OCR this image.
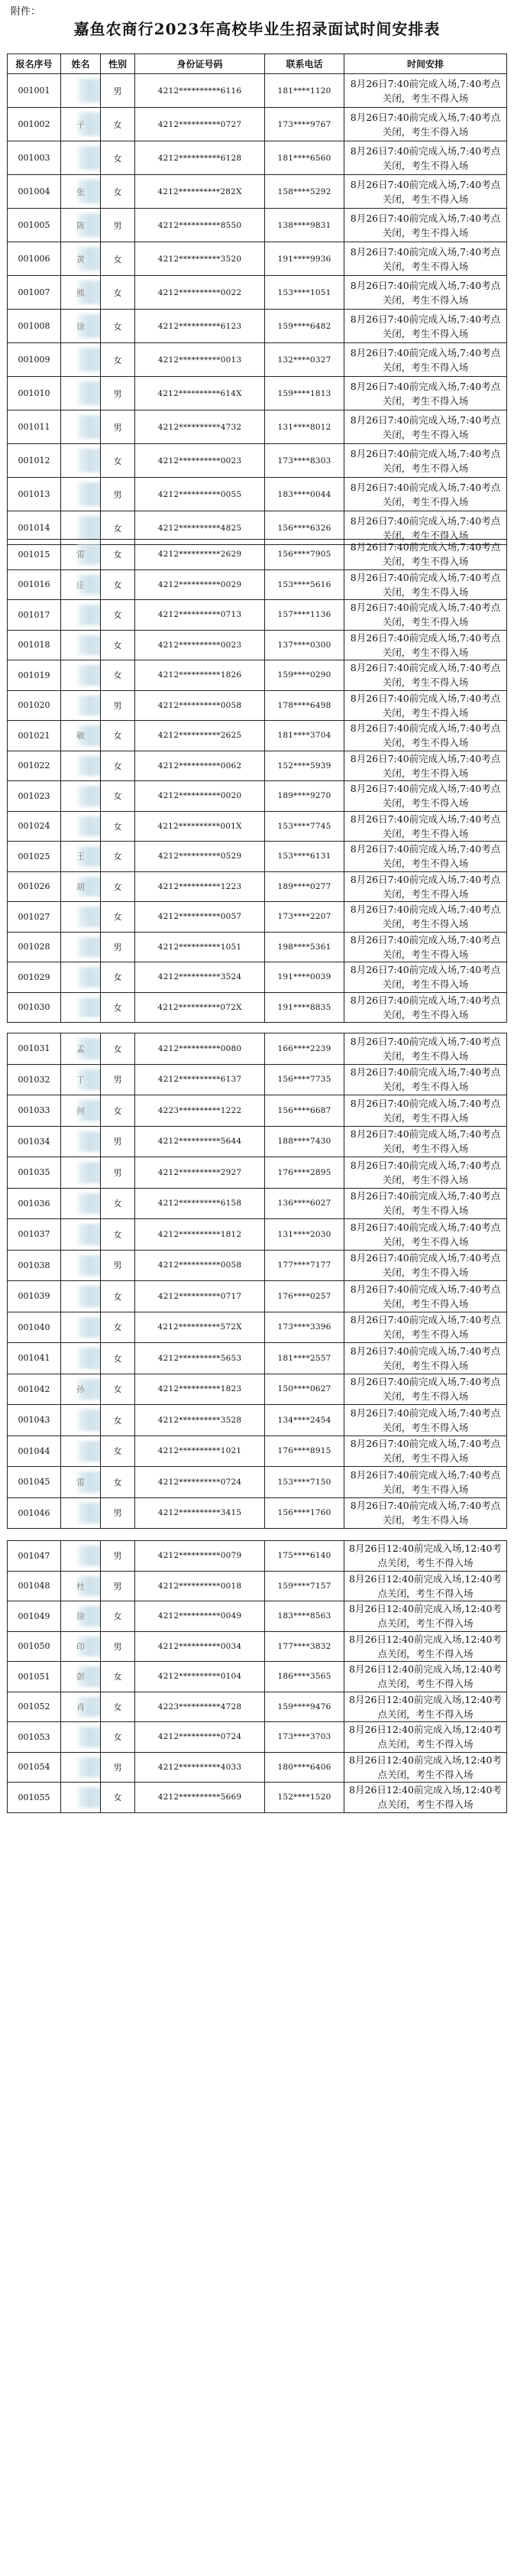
附件：
嘉鱼农商行2023年高校毕业生招录面试时间安排表
报名序号	姓名	性别	身份证号码	联系电话	时间安排
001001		男	4212**********6116	181****1120	8月26日7:40前完成入场,7:40考点关闭，考生不得入场
001002	子	女	4212**********0727	173****9767	8月26日7:40前完成入场,7:40考点关闭，考生不得入场
001003		女	4212**********6128	181****6560	8月26日7:40前完成入场,7:40考点关闭，考生不得入场
001004	张	女	4212**********282X	158****5292	8月26日7:40前完成入场,7:40考点关闭，考生不得入场
001005	陈	男	4212**********8550	138****9831	8月26日7:40前完成入场,7:40考点关闭，考生不得入场
001006	黄	女	4212**********3520	191****9936	8月26日7:40前完成入场,7:40考点关闭，考生不得入场
001007	熊	女	4212**********0022	153****1051	8月26日7:40前完成入场,7:40考点关闭，考生不得入场
001008	徐	女	4212**********6123	159****6482	8月26日7:40前完成入场,7:40考点关闭，考生不得入场
001009		女	4212**********0013	132****0327	8月26日7:40前完成入场,7:40考点关闭，考生不得入场
001010		男	4212**********614X	159****1813	8月26日7:40前完成入场,7:40考点关闭，考生不得入场
001011		男	4212**********4732	131****8012	8月26日7:40前完成入场,7:40考点关闭，考生不得入场
001012		女	4212**********0023	173****8303	8月26日7:40前完成入场,7:40考点关闭，考生不得入场
001013		男	4212**********0055	183****0044	8月26日7:40前完成入场,7:40考点关闭，考生不得入场
001014		女	4212**********4825	156****6326	8月26日7:40前完成入场,7:40考点关闭，考生不得入场
001015	雷	女	4212**********2629	156****7905	8月26日7:40前完成入场,7:40考点关闭，考生不得入场
001016	庄	女	4212**********0029	153****5616	8月26日7:40前完成入场,7:40考点关闭，考生不得入场
001017		女	4212**********0713	157****1136	8月26日7:40前完成入场,7:40考点关闭，考生不得入场
001018		女	4212**********0023	137****0300	8月26日7:40前完成入场,7:40考点关闭，考生不得入场
001019		女	4212**********1826	159****0290	8月26日7:40前完成入场,7:40考点关闭，考生不得入场
001020		男	4212**********0058	178****6498	8月26日7:40前完成入场,7:40考点关闭，考生不得入场
001021	敏	女	4212**********2625	181****3704	8月26日7:40前完成入场,7:40考点关闭，考生不得入场
001022		女	4212**********0062	152****5939	8月26日7:40前完成入场,7:40考点关闭，考生不得入场
001023		女	4212**********0020	189****9270	8月26日7:40前完成入场,7:40考点关闭，考生不得入场
001024		女	4212**********001X	153****7745	8月26日7:40前完成入场,7:40考点关闭，考生不得入场
001025	王	女	4212**********0529	153****6131	8月26日7:40前完成入场,7:40考点关闭，考生不得入场
001026	胡	女	4212**********1223	189****0277	8月26日7:40前完成入场,7:40考点关闭，考生不得入场
001027		女	4212**********0057	173****2207	8月26日7:40前完成入场,7:40考点关闭，考生不得入场
001028		男	4212**********1051	198****5361	8月26日7:40前完成入场,7:40考点关闭，考生不得入场
001029		女	4212**********3524	191****0039	8月26日7:40前完成入场,7:40考点关闭，考生不得入场
001030		女	4212**********072X	191****8835	8月26日7:40前完成入场,7:40考点关闭，考生不得入场
001031	孟	女	4212**********0080	166****2239	8月26日7:40前完成入场,7:40考点关闭，考生不得入场
001032	丁	男	4212**********6137	156****7735	8月26日7:40前完成入场,7:40考点关闭，考生不得入场
001033	何	女	4223**********1222	156****6687	8月26日7:40前完成入场,7:40考点关闭，考生不得入场
001034		男	4212**********5644	188****7430	8月26日7:40前完成入场,7:40考点关闭，考生不得入场
001035		男	4212**********2927	176****2895	8月26日7:40前完成入场,7:40考点关闭，考生不得入场
001036		女	4212**********6158	136****6027	8月26日7:40前完成入场,7:40考点关闭，考生不得入场
001037		女	4212**********1812	131****2030	8月26日7:40前完成入场,7:40考点关闭，考生不得入场
001038		男	4212**********0058	177****7177	8月26日7:40前完成入场,7:40考点关闭，考生不得入场
001039		女	4212**********0717	176****0257	8月26日7:40前完成入场,7:40考点关闭，考生不得入场
001040		女	4212**********572X	173****3396	8月26日7:40前完成入场,7:40考点关闭，考生不得入场
001041		女	4212**********5653	181****2557	8月26日7:40前完成入场,7:40考点关闭，考生不得入场
001042	孙	女	4212**********1823	150****0627	8月26日7:40前完成入场,7:40考点关闭，考生不得入场
001043		女	4212**********3528	134****2454	8月26日7:40前完成入场,7:40考点关闭，考生不得入场
001044		女	4212**********1021	176****8915	8月26日7:40前完成入场,7:40考点关闭，考生不得入场
001045	雷	女	4212**********0724	153****7150	8月26日7:40前完成入场,7:40考点关闭，考生不得入场
001046		男	4212**********3415	156****1760	8月26日7:40前完成入场,7:40考点关闭，考生不得入场
001047		男	4212**********0079	175****6140	8月26日12:40前完成入场,12:40考点关闭，考生不得入场
001048	杜	男	4212**********0018	159****7157	8月26日12:40前完成入场,12:40考点关闭，考生不得入场
001049	徐	女	4212**********0049	183****8563	8月26日12:40前完成入场,12:40考点关闭，考生不得入场
001050	印	男	4212**********0034	177****3832	8月26日12:40前完成入场,12:40考点关闭，考生不得入场
001051	彭	女	4212**********0104	186****3565	8月26日12:40前完成入场,12:40考点关闭，考生不得入场
001052	肖	女	4223**********4728	159****9476	8月26日12:40前完成入场,12:40考点关闭，考生不得入场
001053		女	4212**********0724	173****3703	8月26日12:40前完成入场,12:40考点关闭，考生不得入场
001054		男	4212**********4033	180****6406	8月26日12:40前完成入场,12:40考点关闭，考生不得入场
001055		女	4212**********5669	152****1520	8月26日12:40前完成入场,12:40考点关闭，考生不得入场
